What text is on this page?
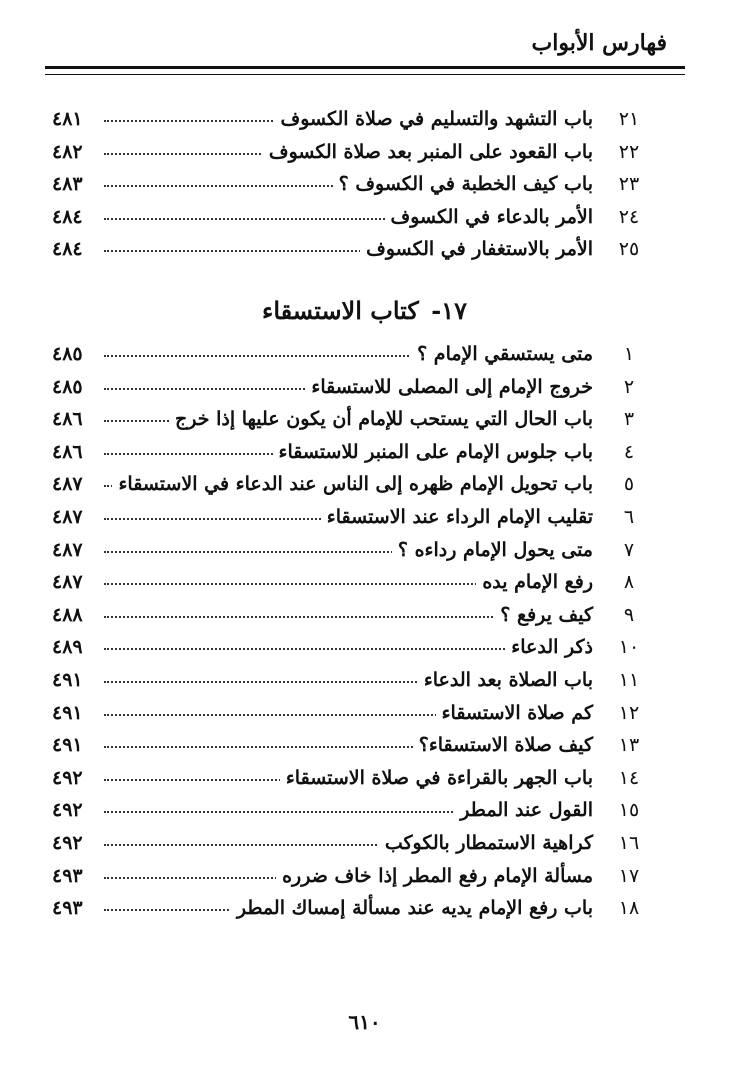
فهارس الأبواب
٢١
باب التشهد والتسليم في صلاة الكسوف
٤٨١
٢٢
باب القعود على المنبر بعد صلاة الكسوف
٤٨٢
٢٣
باب كيف الخطبة في الكسوف ؟
٤٨٣
٢٤
الأمر بالدعاء في الكسوف
٤٨٤
٢٥
الأمر بالاستغفار في الكسوف
٤٨٤
١٧- كتاب الاستسقاء
١
متى يستسقي الإمام ؟
٤٨٥
٢
خروج الإمام إلى المصلى للاستسقاء
٤٨٥
٣
باب الحال التي يستحب للإمام أن يكون عليها إذا خرج
٤٨٦
٤
باب جلوس الإمام على المنبر للاستسقاء
٤٨٦
٥
باب تحويل الإمام ظهره إلى الناس عند الدعاء في الاستسقاء
٤٨٧
٦
تقليب الإمام الرداء عند الاستسقاء
٤٨٧
٧
متى يحول الإمام رداءه ؟
٤٨٧
٨
رفع الإمام يده
٤٨٧
٩
كيف يرفع ؟
٤٨٨
١٠
ذكر الدعاء
٤٨٩
١١
باب الصلاة بعد الدعاء
٤٩١
١٢
كم صلاة الاستسقاء
٤٩١
١٣
كيف صلاة الاستسقاء؟
٤٩١
١٤
باب الجهر بالقراءة في صلاة الاستسقاء
٤٩٢
١٥
القول عند المطر
٤٩٢
١٦
كراهية الاستمطار بالكوكب
٤٩٢
١٧
مسألة الإمام رفع المطر إذا خاف ضرره
٤٩٣
١٨
باب رفع الإمام يديه عند مسألة إمساك المطر
٤٩٣

٦١٠
